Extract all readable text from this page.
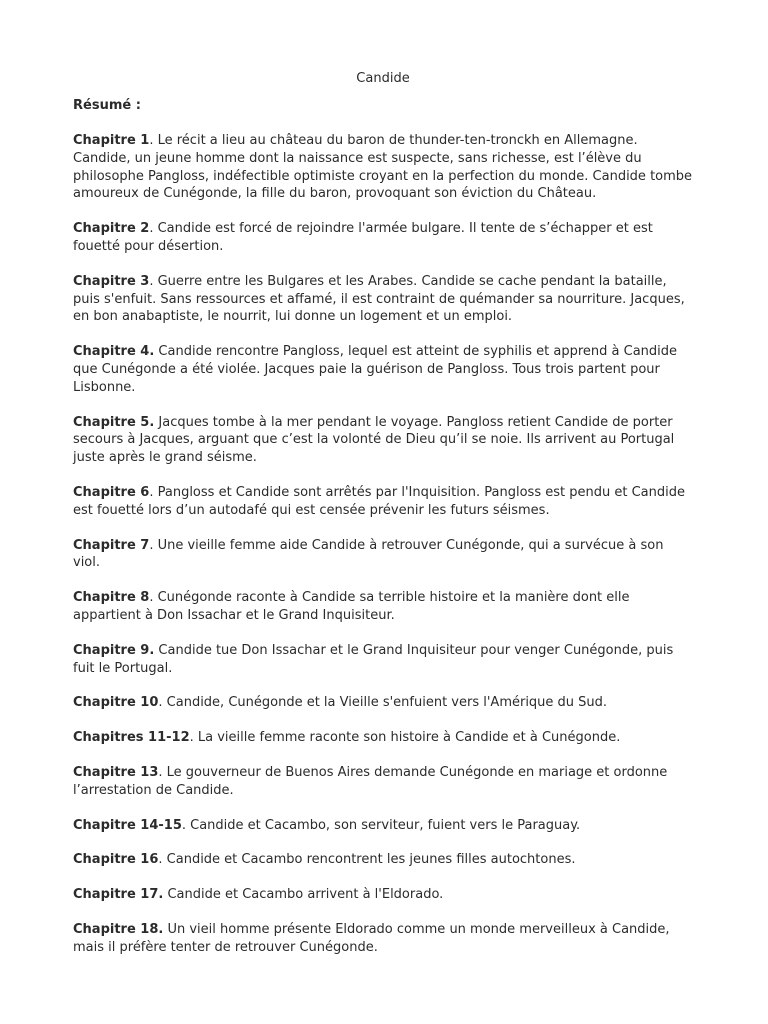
Candide

Résumé :

Chapitre 1. Le récit a lieu au château du baron de thunder-ten-tronckh en Allemagne. Candide, un jeune homme dont la naissance est suspecte, sans richesse, est l’élève du philosophe Pangloss, indéfectible optimiste croyant en la perfection du monde. Candide tombe amoureux de Cunégonde, la fille du baron, provoquant son éviction du Château.

Chapitre 2. Candide est forcé de rejoindre l'armée bulgare. Il tente de s’échapper et est fouetté pour désertion.

Chapitre 3. Guerre entre les Bulgares et les Arabes. Candide se cache pendant la bataille, puis s'enfuit. Sans ressources et affamé, il est contraint de quémander sa nourriture. Jacques, en bon anabaptiste, le nourrit, lui donne un logement et un emploi.

Chapitre 4. Candide rencontre Pangloss, lequel est atteint de syphilis et apprend à Candide que Cunégonde a été violée. Jacques paie la guérison de Pangloss. Tous trois partent pour Lisbonne.

Chapitre 5. Jacques tombe à la mer pendant le voyage. Pangloss retient Candide de porter secours à Jacques, arguant que c’est la volonté de Dieu qu’il se noie. Ils arrivent au Portugal juste après le grand séisme.

Chapitre 6. Pangloss et Candide sont arrêtés par l'Inquisition. Pangloss est pendu et Candide est fouetté lors d’un autodafé qui est censée prévenir les futurs séismes.

Chapitre 7. Une vieille femme aide Candide à retrouver Cunégonde, qui a survécue à son viol.

Chapitre 8. Cunégonde raconte à Candide sa terrible histoire et la manière dont elle appartient à Don Issachar et le Grand Inquisiteur.

Chapitre 9. Candide tue Don Issachar et le Grand Inquisiteur pour venger Cunégonde, puis fuit le Portugal.

Chapitre 10. Candide, Cunégonde et la Vieille s'enfuient vers l'Amérique du Sud.

Chapitres 11-12. La vieille femme raconte son histoire à Candide et à Cunégonde.

Chapitre 13. Le gouverneur de Buenos Aires demande Cunégonde en mariage et ordonne l’arrestation de Candide.

Chapitre 14-15. Candide et Cacambo, son serviteur, fuient vers le Paraguay.

Chapitre 16. Candide et Cacambo rencontrent les jeunes filles autochtones.

Chapitre 17. Candide et Cacambo arrivent à l'Eldorado.

Chapitre 18. Un vieil homme présente Eldorado comme un monde merveilleux à Candide, mais il préfère tenter de retrouver Cunégonde.
